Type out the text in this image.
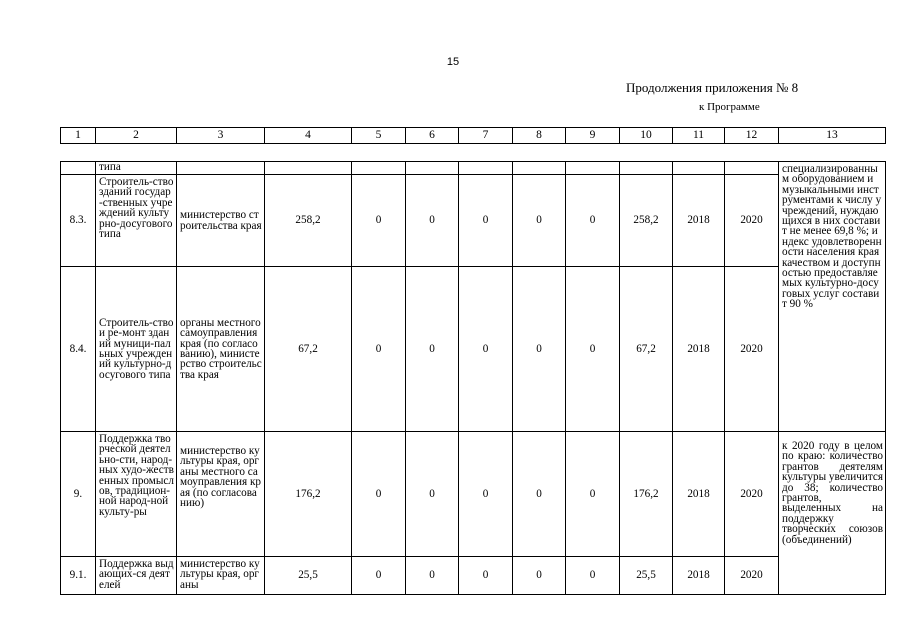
15
Продолжения приложения № 8
к Программе
1	2	3	4	5	6	7	8	9	10	11	12	13
	типа											специализированным оборудованием и музыкальными инструментами к числу учреждений, нуждающихся в них составит не менее 69,8 %; индекс удовлетворенности населения края качеством и доступностью предоставляемых культурно-досуговых услуг составит 90 %
8.3.	Строитель-ство зданий государ-ственных учреждений культурно-досугового типа	министерство строительства края	258,2	0	0	0	0	0	258,2	2018	2020	
8.4.	Строитель-ство и ре-монт зданий муници-пальных учреждений культурно-досугового типа	органы местного самоуправления края (по согласованию), министерство строительства края	67,2	0	0	0	0	0	67,2	2018	2020	
9.	Поддержка творческой деятельно-сти, народ-ных худо-жественных промыслов, традицион-ной народ-ной культу-ры	министерство культуры края, органы местного самоуправления края (по согласованию)	176,2	0	0	0	0	0	176,2	2018	2020	к 2020 году в целом по краю: количество грантов деятелям культуры увеличится до 38; количество грантов, выделенных на поддержку творческих союзов (объединений)
9.1.	Поддержка выдающих-ся деятелей	министерство культуры края, органы	25,5	0	0	0	0	0	25,5	2018	2020	
